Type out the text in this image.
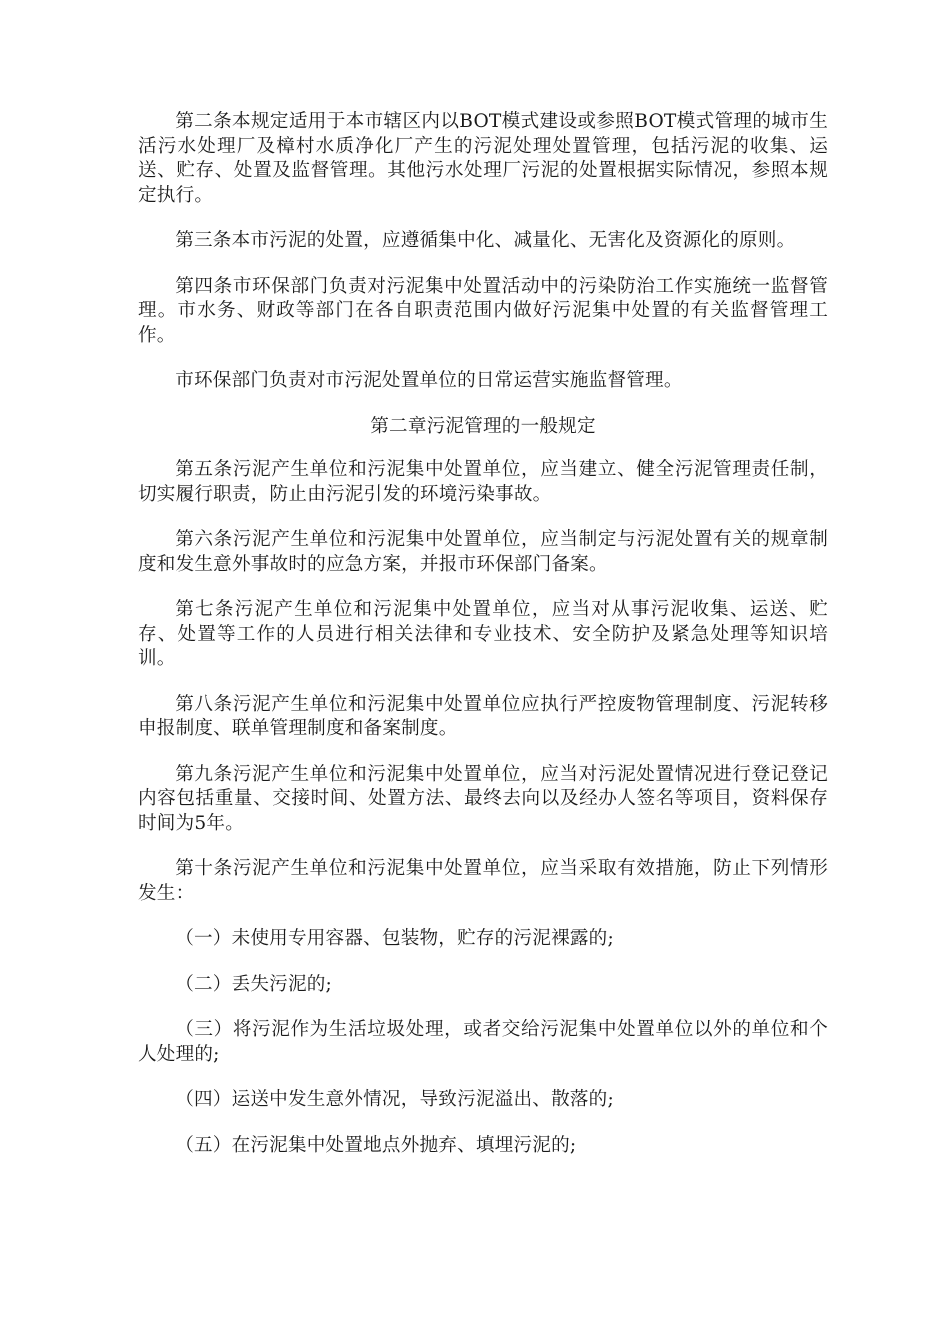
第二条本规定适用于本市辖区内以BOT模式建设或参照BOT模式管理的城市生活污水处理厂及樟村水质净化厂产生的污泥处理处置管理，包括污泥的收集、运送、贮存、处置及监督管理。其他污水处理厂污泥的处置根据实际情况，参照本规定执行。

第三条本市污泥的处置，应遵循集中化、减量化、无害化及资源化的原则。

第四条市环保部门负责对污泥集中处置活动中的污染防治工作实施统一监督管理。市水务、财政等部门在各自职责范围内做好污泥集中处置的有关监督管理工作。

市环保部门负责对市污泥处置单位的日常运营实施监督管理。

第二章污泥管理的一般规定

第五条污泥产生单位和污泥集中处置单位，应当建立、健全污泥管理责任制，切实履行职责，防止由污泥引发的环境污染事故。

第六条污泥产生单位和污泥集中处置单位，应当制定与污泥处置有关的规章制度和发生意外事故时的应急方案，并报市环保部门备案。

第七条污泥产生单位和污泥集中处置单位，应当对从事污泥收集、运送、贮存、处置等工作的人员进行相关法律和专业技术、安全防护及紧急处理等知识培训。

第八条污泥产生单位和污泥集中处置单位应执行严控废物管理制度、污泥转移申报制度、联单管理制度和备案制度。

第九条污泥产生单位和污泥集中处置单位，应当对污泥处置情况进行登记登记内容包括重量、交接时间、处置方法、最终去向以及经办人签名等项目，资料保存时间为5年。

第十条污泥产生单位和污泥集中处置单位，应当采取有效措施，防止下列情形发生：

（一）未使用专用容器、包装物，贮存的污泥裸露的;

（二）丢失污泥的;

（三）将污泥作为生活垃圾处理，或者交给污泥集中处置单位以外的单位和个人处理的;

（四）运送中发生意外情况，导致污泥溢出、散落的;

（五）在污泥集中处置地点外抛弃、填埋污泥的;
